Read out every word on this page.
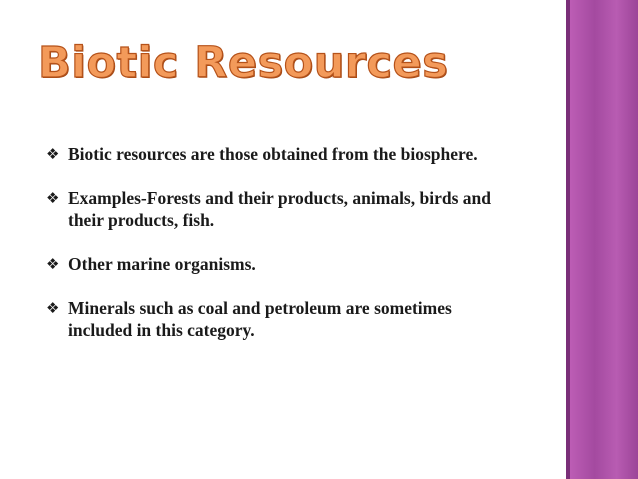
Biotic Resources
❖ Biotic resources are those obtained from the biosphere.
❖ Examples-Forests and their products, animals, birds and their products, fish.
❖ Other marine organisms.
❖ Minerals such as coal and petroleum are sometimes included in this category.
